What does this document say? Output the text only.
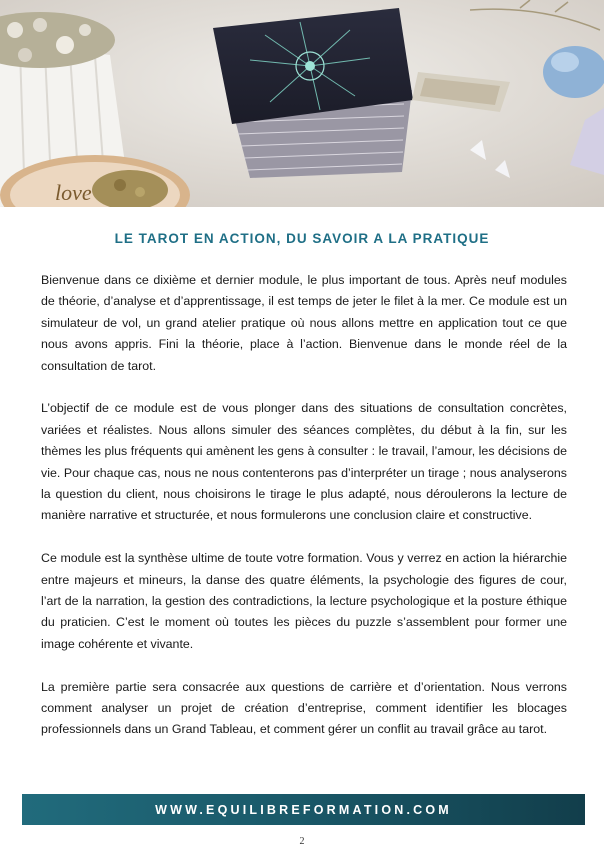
love
LE TAROT EN ACTION, DU SAVOIR A LA PRATIQUE

Bienvenue dans ce dixième et dernier module, le plus important de tous. Après neuf modules de théorie, d’analyse et d’apprentissage, il est temps de jeter le filet à la mer. Ce module est un simulateur de vol, un grand atelier pratique où nous allons mettre en application tout ce que nous avons appris. Fini la théorie, place à l’action. Bienvenue dans le monde réel de la consultation de tarot.

L’objectif de ce module est de vous plonger dans des situations de consultation concrètes, variées et réalistes. Nous allons simuler des séances complètes, du début à la fin, sur les thèmes les plus fréquents qui amènent les gens à consulter : le travail, l’amour, les décisions de vie. Pour chaque cas, nous ne nous contenterons pas d’interpréter un tirage ; nous analyserons la question du client, nous choisirons le tirage le plus adapté, nous déroulerons la lecture de manière narrative et structurée, et nous formulerons une conclusion claire et constructive.

Ce module est la synthèse ultime de toute votre formation. Vous y verrez en action la hiérarchie entre majeurs et mineurs, la danse des quatre éléments, la psychologie des figures de cour, l’art de la narration, la gestion des contradictions, la lecture psychologique et la posture éthique du praticien. C’est le moment où toutes les pièces du puzzle s’assemblent pour former une image cohérente et vivante.

La première partie sera consacrée aux questions de carrière et d’orientation. Nous verrons comment analyser un projet de création d’entreprise, comment identifier les blocages professionnels dans un Grand Tableau, et comment gérer un conflit au travail grâce au tarot.

WWW.EQUILIBREFORMATION.COM
2
